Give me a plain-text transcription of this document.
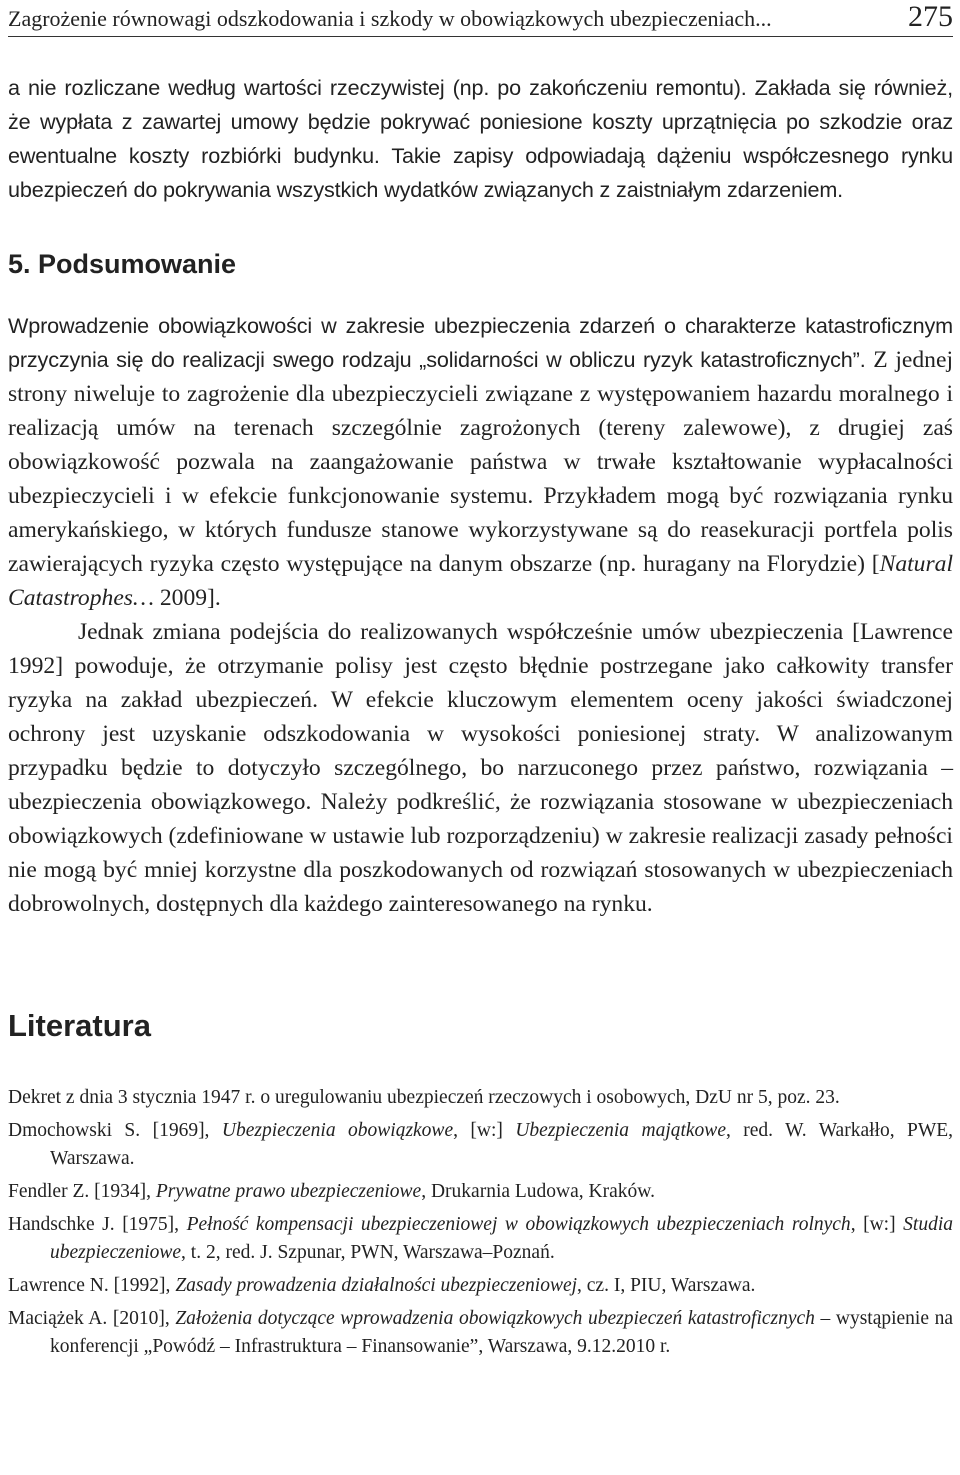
Zagrożenie równowagi odszkodowania i szkody w obowiązkowych ubezpieczeniach...	275

a nie rozliczane według wartości rzeczywistej (np. po zakończeniu remontu). Zakłada się również, że wypłata z zawartej umowy będzie pokrywać poniesione koszty uprzątnięcia po szkodzie oraz ewentualne koszty rozbiórki budynku. Takie zapisy odpowiadają dążeniu współczesnego rynku ubezpieczeń do pokrywania wszystkich wydatków związanych z zaistniałym zdarzeniem.

5. Podsumowanie

Wprowadzenie obowiązkowości w zakresie ubezpieczenia zdarzeń o charakterze katastroficznym przyczynia się do realizacji swego rodzaju „solidarności w obliczu ryzyk katastroficznych”. Z jednej strony niweluje to zagrożenie dla ubezpieczycieli związane z występowaniem hazardu moralnego i realizacją umów na terenach szczególnie zagrożonych (tereny zalewowe), z drugiej zaś obowiązkowość pozwala na zaangażowanie państwa w trwałe kształtowanie wypłacalności ubezpieczycieli i w efekcie funkcjonowanie systemu. Przykładem mogą być rozwiązania rynku amerykańskiego, w których fundusze stanowe wykorzystywane są do reasekuracji portfela polis zawierających ryzyka często występujące na danym obszarze (np. huragany na Florydzie) [Natural Catastrophes… 2009].

Jednak zmiana podejścia do realizowanych współcześnie umów ubezpieczenia [Lawrence 1992] powoduje, że otrzymanie polisy jest często błędnie postrzegane jako całkowity transfer ryzyka na zakład ubezpieczeń. W efekcie kluczowym elementem oceny jakości świadczonej ochrony jest uzyskanie odszkodowania w wysokości poniesionej straty. W analizowanym przypadku będzie to dotyczyło szczególnego, bo narzuconego przez państwo, rozwiązania – ubezpieczenia obowiązkowego. Należy podkreślić, że rozwiązania stosowane w ubezpieczeniach obowiązkowych (zdefiniowane w ustawie lub rozporządzeniu) w zakresie realizacji zasady pełności nie mogą być mniej korzystne dla poszkodowanych od rozwiązań stosowanych w ubezpieczeniach dobrowolnych, dostępnych dla każdego zainteresowanego na rynku.

Literatura

Dekret z dnia 3 stycznia 1947 r. o uregulowaniu ubezpieczeń rzeczowych i osobowych, DzU nr 5, poz. 23.

Dmochowski S. [1969], Ubezpieczenia obowiązkowe, [w:] Ubezpieczenia majątkowe, red. W. Warkałło, PWE, Warszawa.

Fendler Z. [1934], Prywatne prawo ubezpieczeniowe, Drukarnia Ludowa, Kraków.

Handschke J. [1975], Pełność kompensacji ubezpieczeniowej w obowiązkowych ubezpieczeniach rolnych, [w:] Studia ubezpieczeniowe, t. 2, red. J. Szpunar, PWN, Warszawa–Poznań.

Lawrence N. [1992], Zasady prowadzenia działalności ubezpieczeniowej, cz. I, PIU, Warszawa.

Maciążek A. [2010], Założenia dotyczące wprowadzenia obowiązkowych ubezpieczeń katastroficznych – wystąpienie na konferencji „Powódź – Infrastruktura – Finansowanie”, Warszawa, 9.12.2010 r.
